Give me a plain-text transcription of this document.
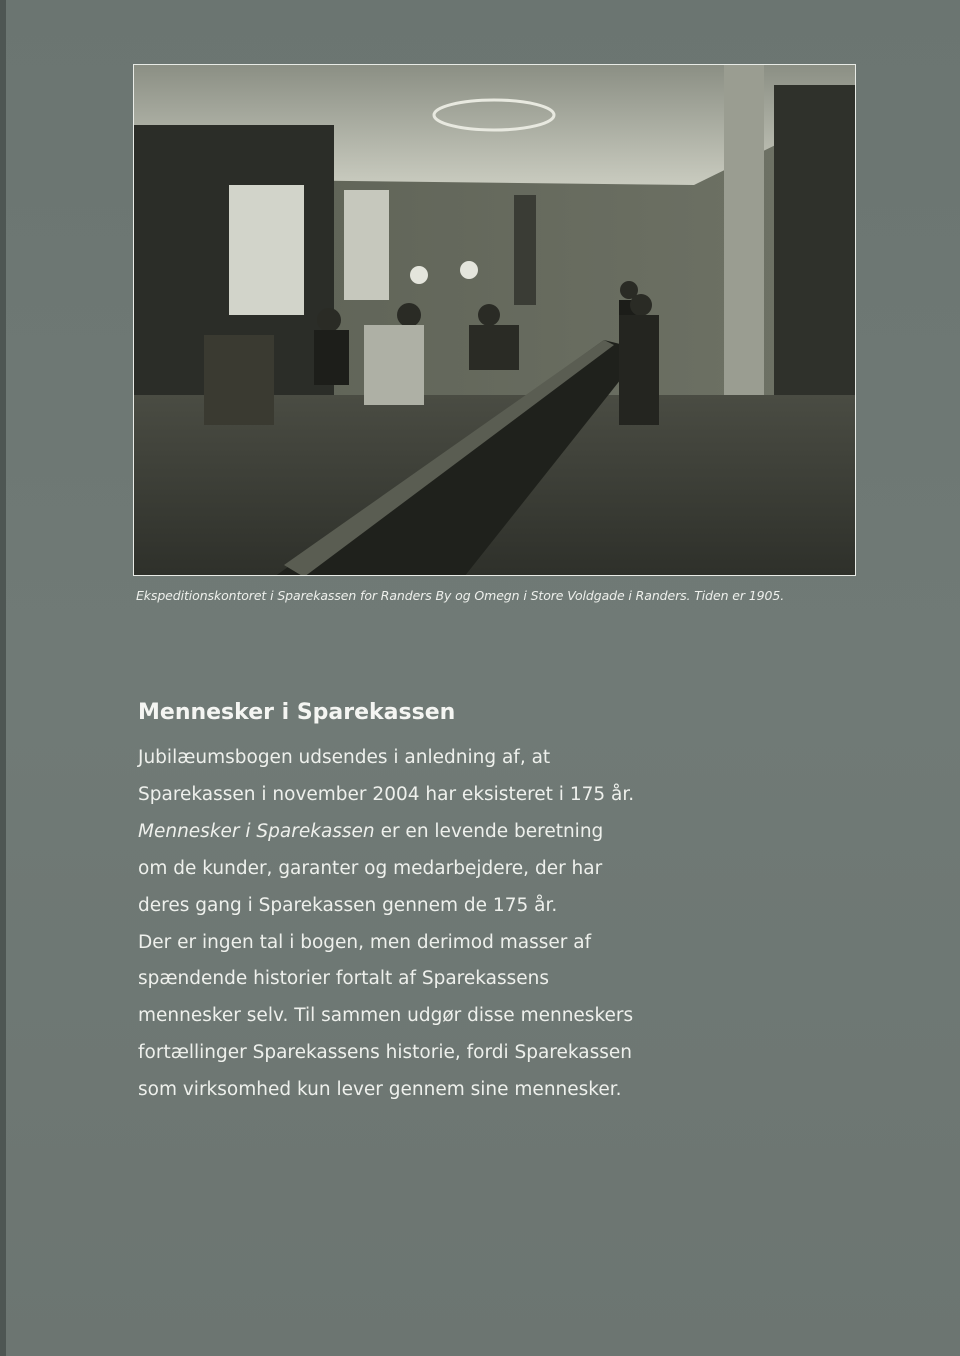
Ekspeditionskontoret i Sparekassen for Randers By og Omegn i Store Voldgade i Randers. Tiden er 1905.
Mennesker i Sparekassen
Jubilæumsbogen udsendes i anledning af, at
Sparekassen i november 2004 har eksisteret i 175 år.
Mennesker i Sparekassen er en levende beretning
om de kunder, garanter og medarbejdere, der har
deres gang i Sparekassen gennem de 175 år.
Der er ingen tal i bogen, men derimod masser af
spændende historier fortalt af Sparekassens
mennesker selv. Til sammen udgør disse menneskers
fortællinger Sparekassens historie, fordi Sparekassen
som virksomhed kun lever gennem sine mennesker.
